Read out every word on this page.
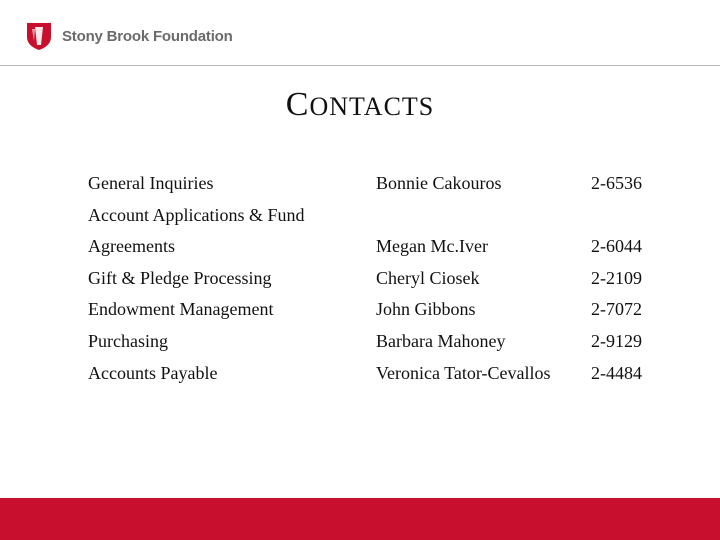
Stony Brook Foundation
CONTACTS
General Inquiries	Bonnie Cakouros	2-6536
Account Applications & Fund Agreements	Megan Mc.Iver	2-6044
Gift & Pledge Processing	Cheryl Ciosek	2-2109
Endowment Management	John Gibbons	2-7072
Purchasing	Barbara Mahoney	2-9129
Accounts Payable	Veronica Tator-Cevallos 2-4484
